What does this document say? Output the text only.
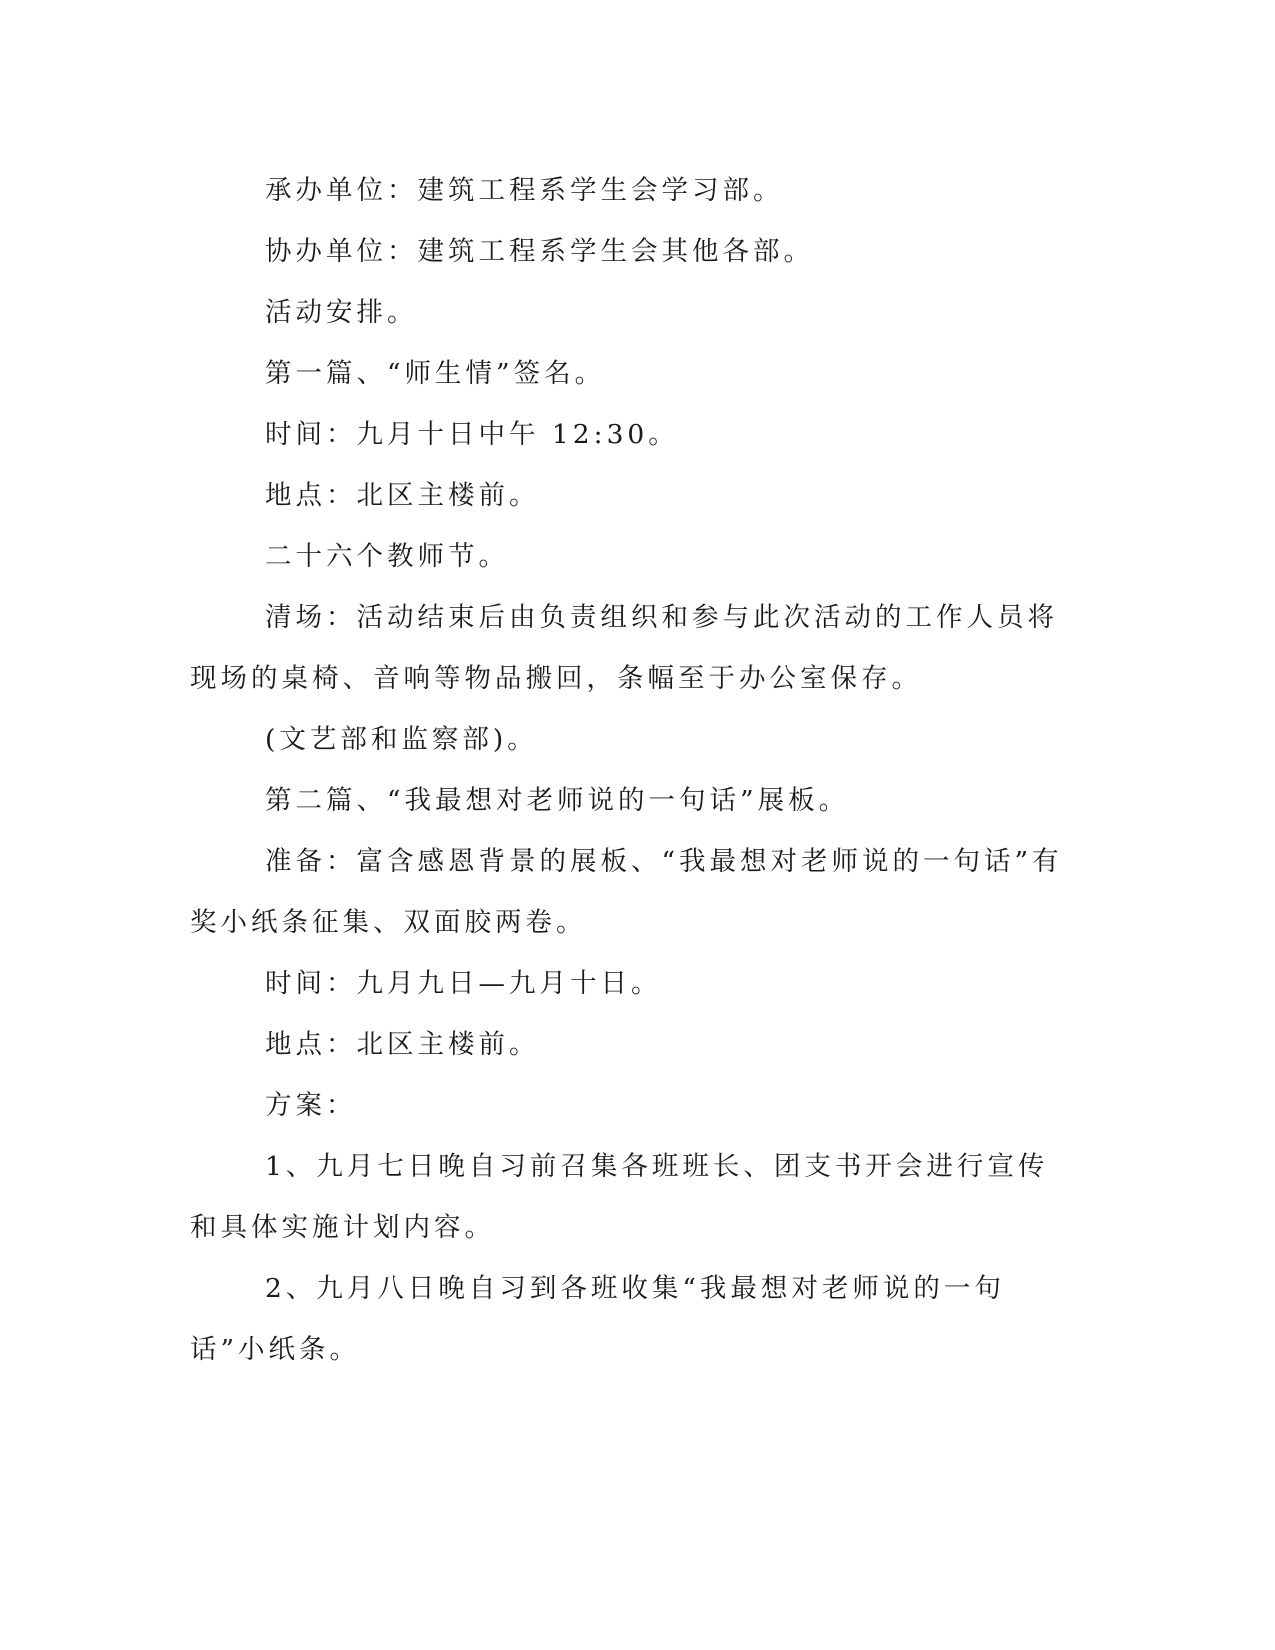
承办单位：建筑工程系学生会学习部。

协办单位：建筑工程系学生会其他各部。

活动安排。

第一篇、“师生情”签名。

时间：九月十日中午 12:30。

地点：北区主楼前。

二十六个教师节。

清场：活动结束后由负责组织和参与此次活动的工作人员将现场的桌椅、音响等物品搬回，条幅至于办公室保存。

(文艺部和监察部)。

第二篇、“我最想对老师说的一句话”展板。

准备：富含感恩背景的展板、“我最想对老师说的一句话”有奖小纸条征集、双面胶两卷。

时间：九月九日—九月十日。

地点：北区主楼前。

方案：

1、九月七日晚自习前召集各班班长、团支书开会进行宣传和具体实施计划内容。

2、九月八日晚自习到各班收集“我最想对老师说的一句话”小纸条。
